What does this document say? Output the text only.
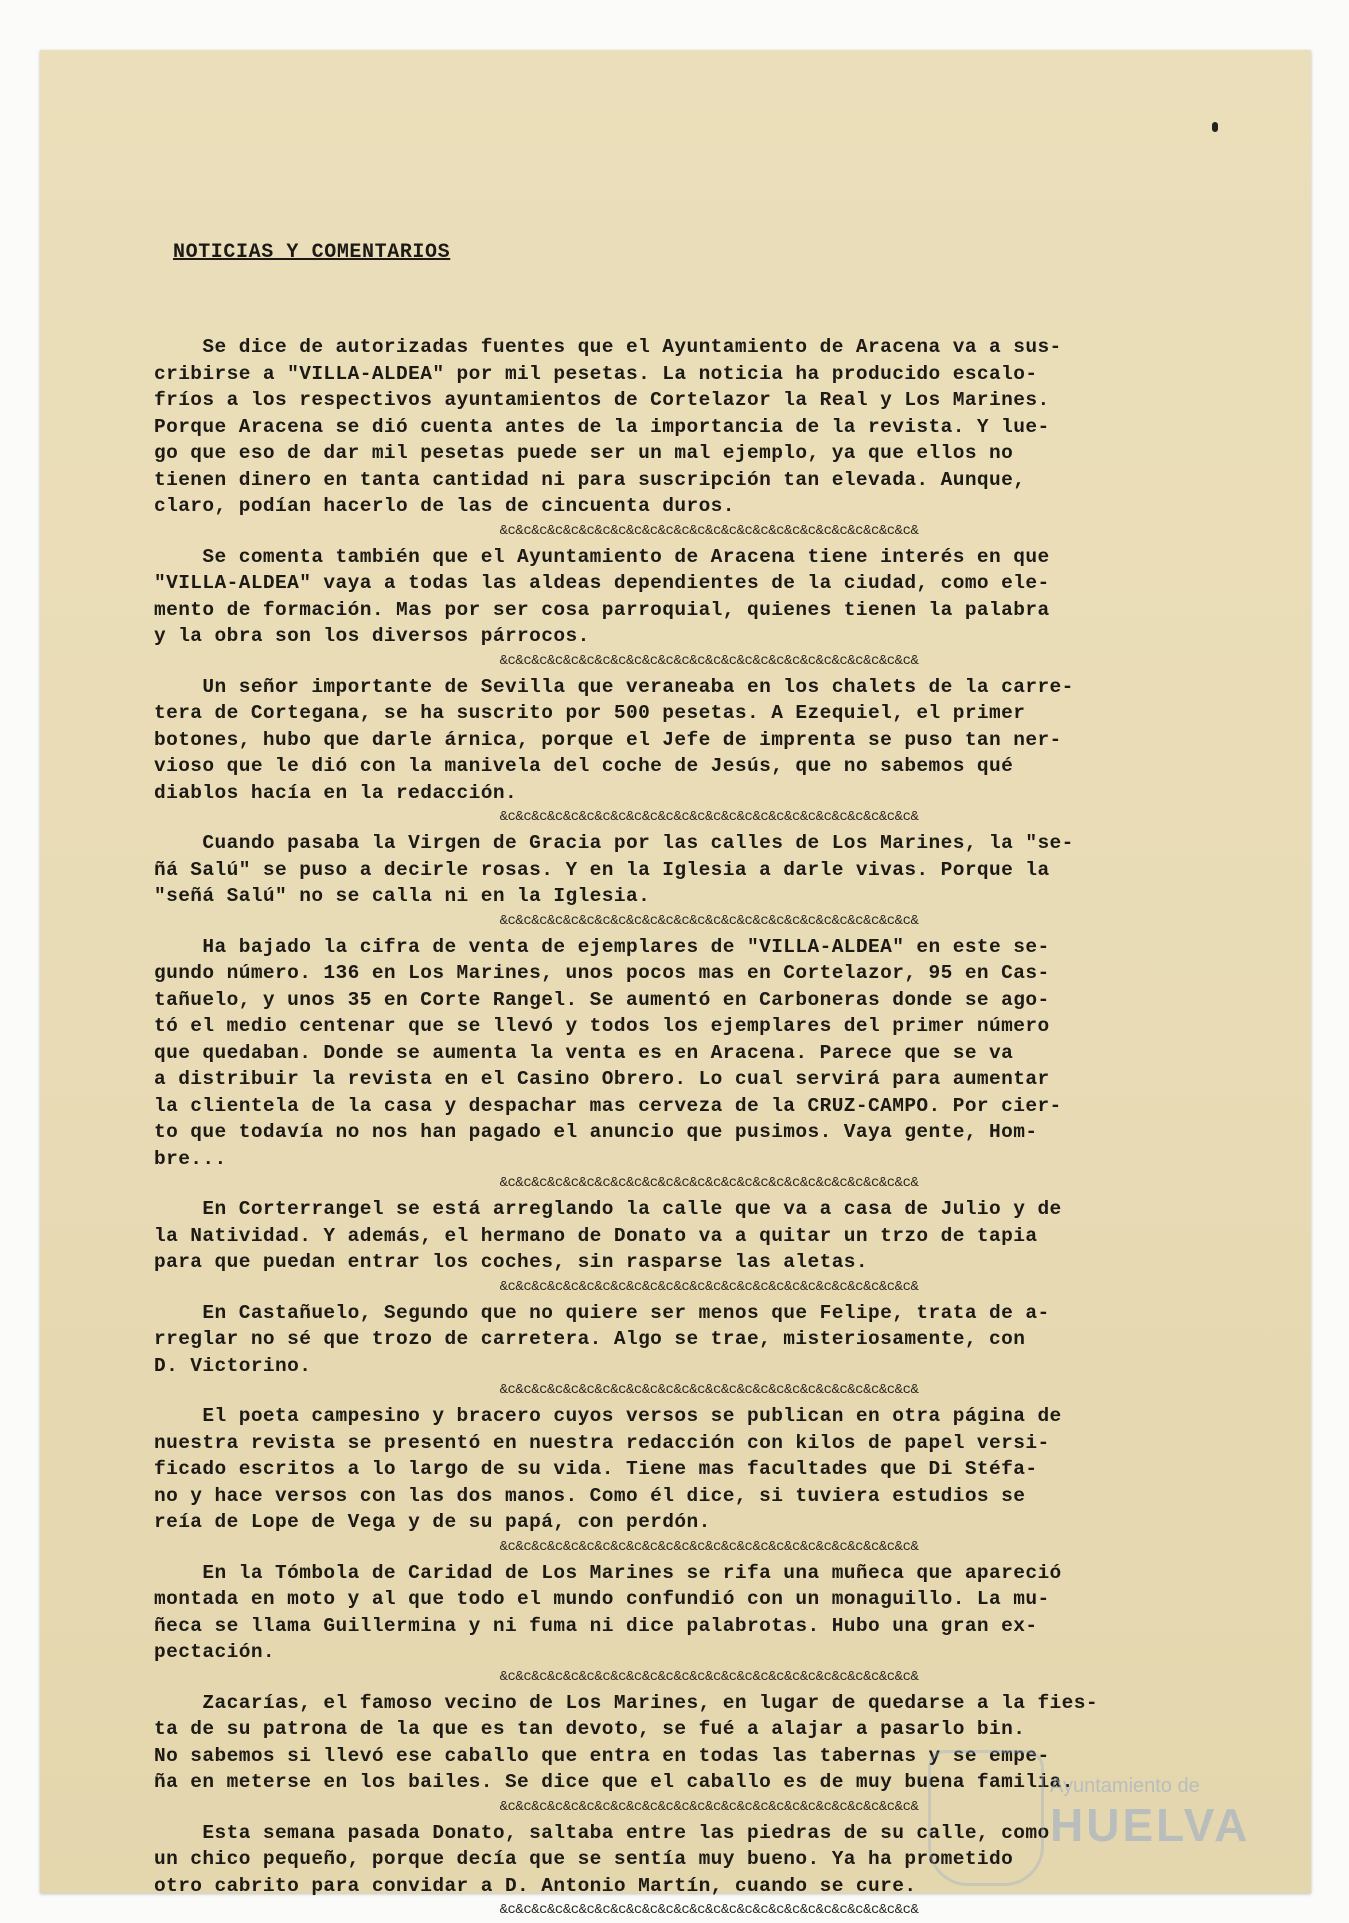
NOTICIAS Y COMENTARIOS

Se dice de autorizadas fuentes que el Ayuntamiento de Aracena va a sus-
cribirse a "VILLA-ALDEA" por mil pesetas. La noticia ha producido escalo-
fríos a los respectivos ayuntamientos de Cortelazor la Real y Los Marines.
Porque Aracena se dió cuenta antes de la importancia de la revista. Y lue-
go que eso de dar mil pesetas puede ser un mal ejemplo, ya que ellos no
tienen dinero en tanta cantidad ni para suscripción tan elevada. Aunque,
claro, podían hacerlo de las de cincuenta duros.

&c&c&c&c&c&c&c&c&c&c&c&c&c&c&c&c&c&c&c&c&c&c&c&c&c&c&

Se comenta también que el Ayuntamiento de Aracena tiene interés en que
"VILLA-ALDEA" vaya a todas las aldeas dependientes de la ciudad, como ele-
mento de formación. Mas por ser cosa parroquial, quienes tienen la palabra
y la obra son los diversos párrocos.

&c&c&c&c&c&c&c&c&c&c&c&c&c&c&c&c&c&c&c&c&c&c&c&c&c&c&

Un señor importante de Sevilla que veraneaba en los chalets de la carre-
tera de Cortegana, se ha suscrito por 500 pesetas. A Ezequiel, el primer
botones, hubo que darle árnica, porque el Jefe de imprenta se puso tan ner-
vioso que le dió con la manivela del coche de Jesús, que no sabemos qué
diablos hacía en la redacción.

&c&c&c&c&c&c&c&c&c&c&c&c&c&c&c&c&c&c&c&c&c&c&c&c&c&c&

Cuando pasaba la Virgen de Gracia por las calles de Los Marines, la "se-
ñá Salú" se puso a decirle rosas. Y en la Iglesia a darle vivas. Porque la
"señá Salú" no se calla ni en la Iglesia.

&c&c&c&c&c&c&c&c&c&c&c&c&c&c&c&c&c&c&c&c&c&c&c&c&c&c&

Ha bajado la cifra de venta de ejemplares de "VILLA-ALDEA" en este se-
gundo número. 136 en Los Marines, unos pocos mas en Cortelazor, 95 en Cas-
tañuelo, y unos 35 en Corte Rangel. Se aumentó en Carboneras donde se ago-
tó el medio centenar que se llevó y todos los ejemplares del primer número
que quedaban. Donde se aumenta la venta es en Aracena. Parece que se va
a distribuir la revista en el Casino Obrero. Lo cual servirá para aumentar
la clientela de la casa y despachar mas cerveza de la CRUZ-CAMPO. Por cier-
to que todavía no nos han pagado el anuncio que pusimos. Vaya gente, Hom-
bre...

&c&c&c&c&c&c&c&c&c&c&c&c&c&c&c&c&c&c&c&c&c&c&c&c&c&c&

En Corterrangel se está arreglando la calle que va a casa de Julio y de
la Natividad. Y además, el hermano de Donato va a quitar un trzo de tapia
para que puedan entrar los coches, sin rasparse las aletas.

&c&c&c&c&c&c&c&c&c&c&c&c&c&c&c&c&c&c&c&c&c&c&c&c&c&c&

En Castañuelo, Segundo que no quiere ser menos que Felipe, trata de a-
rreglar no sé que trozo de carretera. Algo se trae, misteriosamente, con
D. Victorino.

&c&c&c&c&c&c&c&c&c&c&c&c&c&c&c&c&c&c&c&c&c&c&c&c&c&c&

El poeta campesino y bracero cuyos versos se publican en otra página de
nuestra revista se presentó en nuestra redacción con kilos de papel versi-
ficado escritos a lo largo de su vida. Tiene mas facultades que Di Stéfa-
no y hace versos con las dos manos. Como él dice, si tuviera estudios se
reía de Lope de Vega y de su papá, con perdón.

&c&c&c&c&c&c&c&c&c&c&c&c&c&c&c&c&c&c&c&c&c&c&c&c&c&c&

En la Tómbola de Caridad de Los Marines se rifa una muñeca que apareció
montada en moto y al que todo el mundo confundió con un monaguillo. La mu-
ñeca se llama Guillermina y ni fuma ni dice palabrotas. Hubo una gran ex-
pectación.

&c&c&c&c&c&c&c&c&c&c&c&c&c&c&c&c&c&c&c&c&c&c&c&c&c&c&

Zacarías, el famoso vecino de Los Marines, en lugar de quedarse a la fies-
ta de su patrona de la que es tan devoto, se fué a alajar a pasarlo bin.
No sabemos si llevó ese caballo que entra en todas las tabernas y se empe-
ña en meterse en los bailes. Se dice que el caballo es de muy buena familia.

&c&c&c&c&c&c&c&c&c&c&c&c&c&c&c&c&c&c&c&c&c&c&c&c&c&c&

Esta semana pasada Donato, saltaba entre las piedras de su calle, como
un chico pequeño, porque decía que se sentía muy bueno. Ya ha prometido
otro cabrito para convidar a D. Antonio Martín, cuando se cure.

&c&c&c&c&c&c&c&c&c&c&c&c&c&c&c&c&c&c&c&c&c&c&c&c&c&c&
Ayuntamiento de
HUELVA
